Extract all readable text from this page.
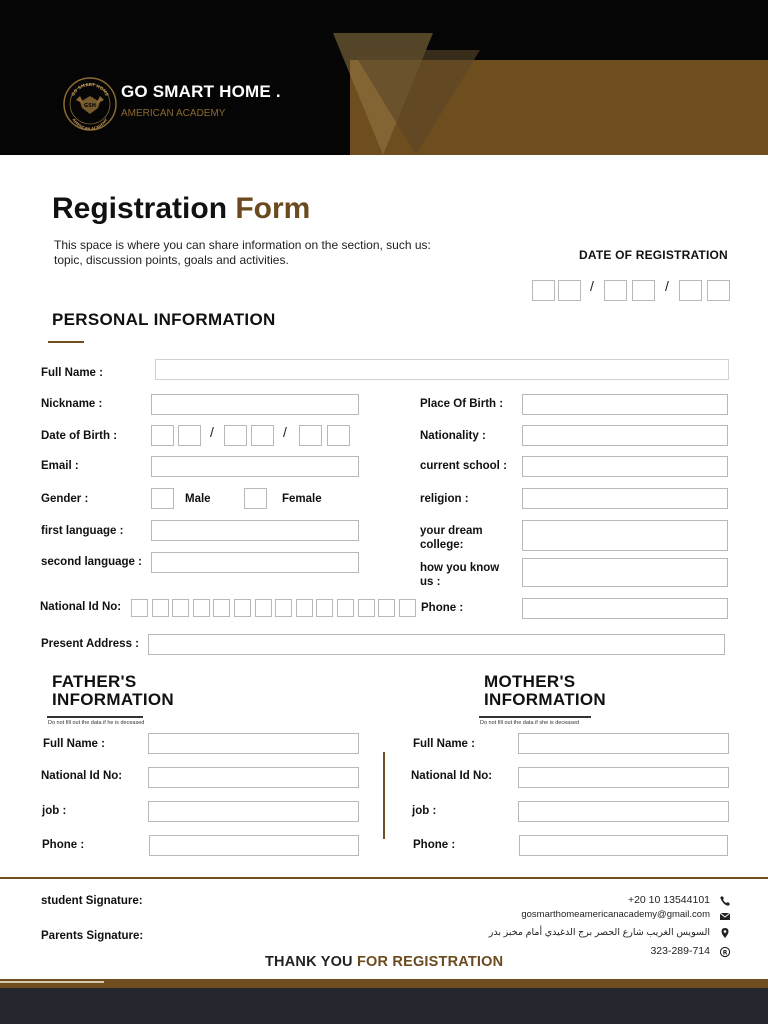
GSH
GO SMART HOME
AMERICAN ACADEMY
GO SMART HOME .
AMERICAN ACADEMY
Registration Form
This space is where you can share information on the section, such us: topic, discussion points, goals and activities.	DATE OF REGISTRATION
/	/
PERSONAL INFORMATION
Full Name :
Nickname :
Date of Birth :	/	/
Email :
Gender :	Male	Female
first language :
second language :
Place Of Birth :
Nationality :
current school :
religion :
your dream college:
how you know us :
National Id No:	Phone :
Present Address :
FATHER'S
INFORMATION
Do not fill out the data if he is deceased
Full Name :
National Id No:
job :
Phone :
MOTHER'S
INFORMATION
Do not fill out the data if she is deceased
Full Name :
National Id No:
job :
Phone :
student Signature:
Parents Signature:
+20 10 13544101
gosmarthomeamericanacademy@gmail.com
السويس الغريب شارع الحصر برج الدغيدي أمام مخبز بدر
323-289-714 R
THANK YOU FOR REGISTRATION
